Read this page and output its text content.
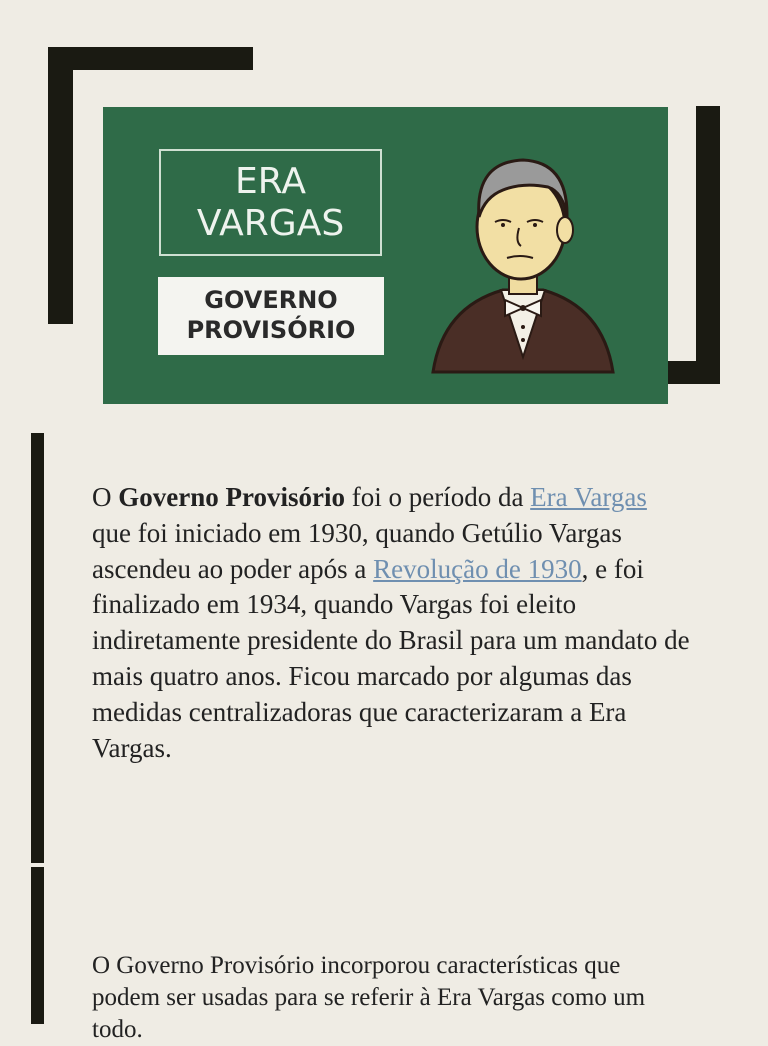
ERA
VARGAS
GOVERNO
PROVISÓRIO

O Governo Provisório foi o período da Era Vargas que foi iniciado em 1930, quando Getúlio Vargas ascendeu ao poder após a Revolução de 1930, e foi finalizado em 1934, quando Vargas foi eleito indiretamente presidente do Brasil para um mandato de mais quatro anos. Ficou marcado por algumas das medidas centralizadoras que caracterizaram a Era Vargas.

O Governo Provisório incorporou características que podem ser usadas para se referir à Era Vargas como um todo.
